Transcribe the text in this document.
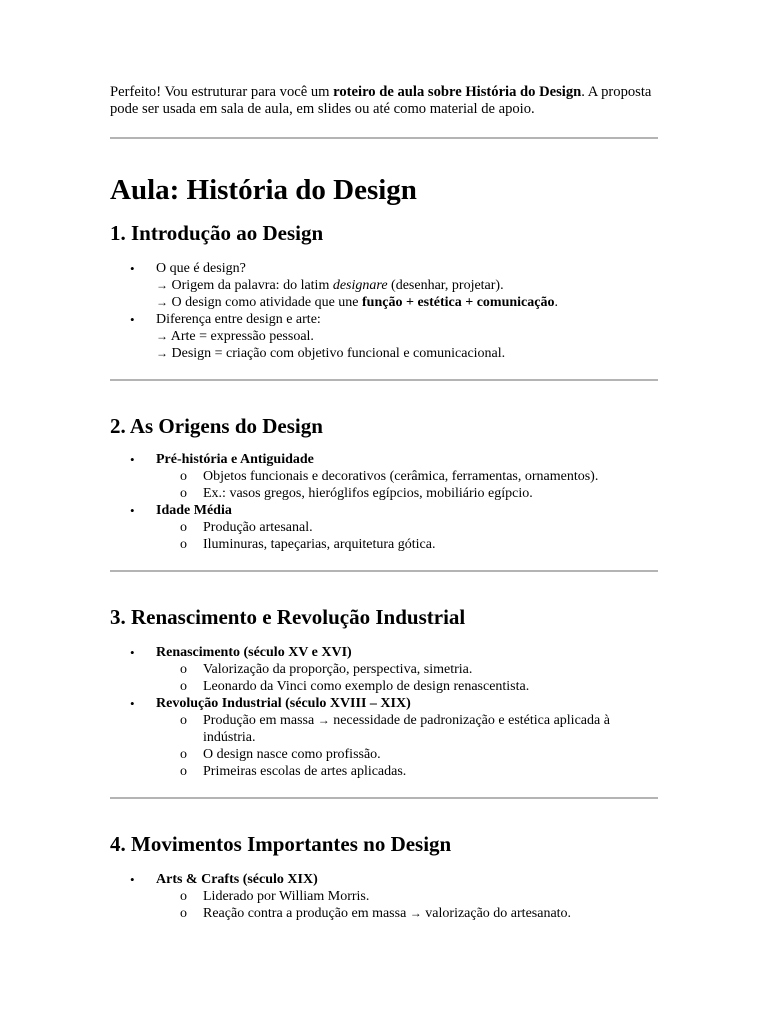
Perfeito! Vou estruturar para você um roteiro de aula sobre História do Design. A proposta pode ser usada em sala de aula, em slides ou até como material de apoio.

Aula: História do Design
1. Introdução ao Design
• O que é design?
→ Origem da palavra: do latim designare (desenhar, projetar).
→ O design como atividade que une função + estética + comunicação.
• Diferença entre design e arte:
→ Arte = expressão pessoal.
→ Design = criação com objetivo funcional e comunicacional.
2. As Origens do Design
• Pré-história e Antiguidade
o Objetos funcionais e decorativos (cerâmica, ferramentas, ornamentos).
o Ex.: vasos gregos, hieróglifos egípcios, mobiliário egípcio.
• Idade Média
o Produção artesanal.
o Iluminuras, tapeçarias, arquitetura gótica.
3. Renascimento e Revolução Industrial
• Renascimento (século XV e XVI)
o Valorização da proporção, perspectiva, simetria.
o Leonardo da Vinci como exemplo de design renascentista.
• Revolução Industrial (século XVIII – XIX)
o Produção em massa → necessidade de padronização e estética aplicada à indústria.
o O design nasce como profissão.
o Primeiras escolas de artes aplicadas.
4. Movimentos Importantes no Design
• Arts & Crafts (século XIX)
o Liderado por William Morris.
o Reação contra a produção em massa → valorização do artesanato.
